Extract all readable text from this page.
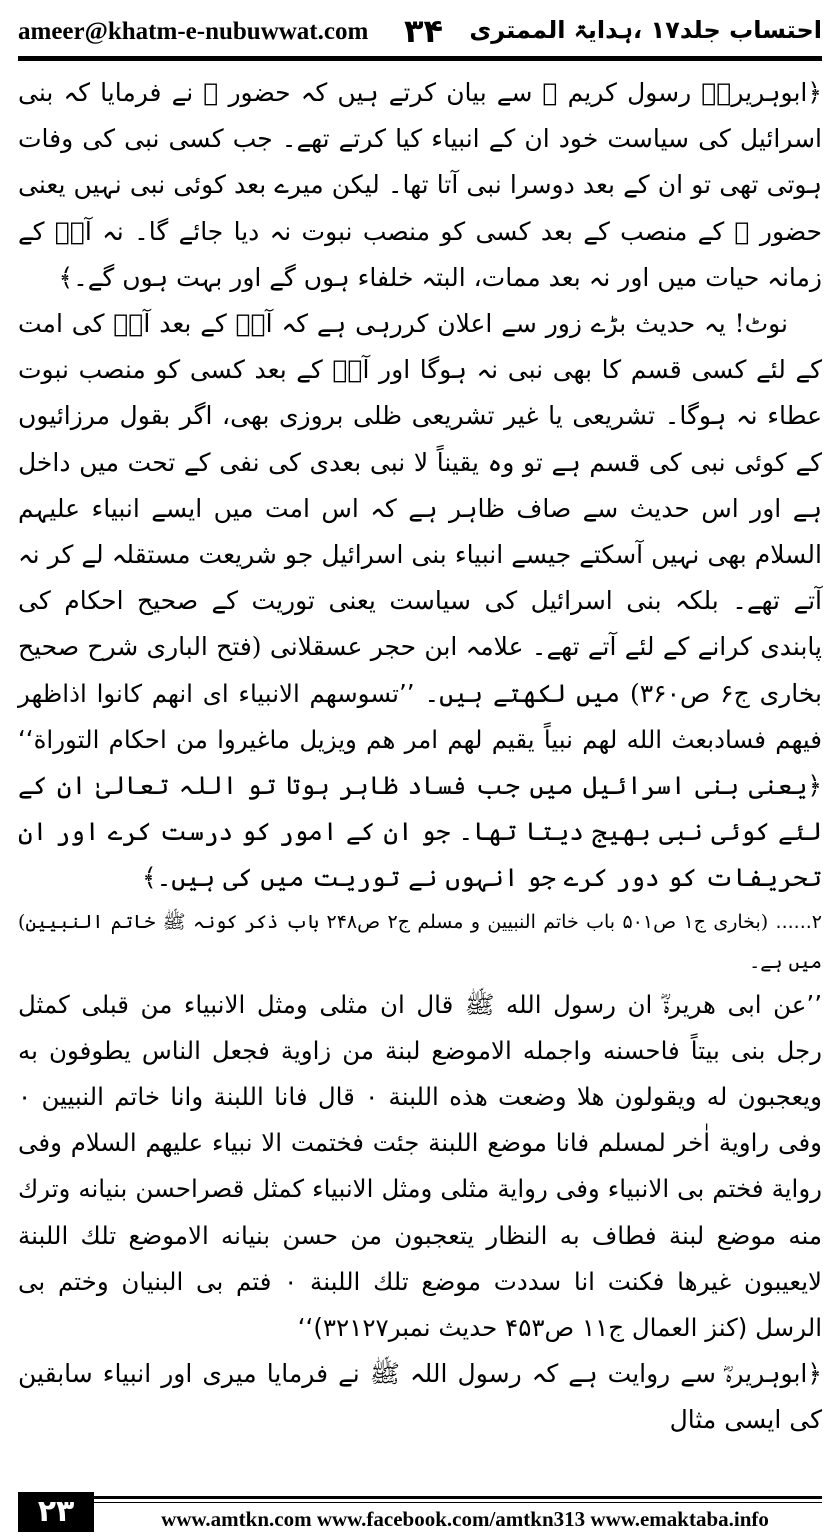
ameer@khatm-e-nubuwwat.com ۳۴ احتساب جلد۱۷ ،ہدایۃ الممتری

﴿ابوہریرہؓ رسول کریم ﷺ سے بیان کرتے ہیں کہ حضور ﷺ نے فرمایا کہ بنی اسرائیل کی سیاست خود ان کے انبیاء کیا کرتے تھے۔ جب کسی نبی کی وفات ہوتی تھی تو ان کے بعد دوسرا نبی آتا تھا۔ لیکن میرے بعد کوئی نبی نہیں یعنی حضور ﷺ کے منصب کے بعد کسی کو منصب نبوت نہ دیا جائے گا۔ نہ آپؐ کے زمانہ حیات میں اور نہ بعد ممات، البتہ خلفاء ہوں گے اور بہت ہوں گے۔﴾

نوٹ! یہ حدیث بڑے زور سے اعلان کررہی ہے کہ آپؐ کے بعد آپؐ کی امت کے لئے کسی قسم کا بھی نبی نہ ہوگا اور آپؐ کے بعد کسی کو منصب نبوت عطاء نہ ہوگا۔ تشریعی یا غیر تشریعی ظلی بروزی بھی، اگر بقول مرزائیوں کے کوئی نبی کی قسم ہے تو وہ یقیناً لا نبی بعدی کی نفی کے تحت میں داخل ہے اور اس حدیث سے صاف ظاہر ہے کہ اس امت میں ایسے انبیاء علیہم السلام بھی نہیں آسکتے جیسے انبیاء بنی اسرائیل جو شریعت مستقلہ لے کر نہ آتے تھے۔ بلکہ بنی اسرائیل کی سیاست یعنی توریت کے صحیح احکام کی پابندی کرانے کے لئے آتے تھے۔ علامہ ابن حجر عسقلانی (فتح الباری شرح صحیح بخاری ج۶ ص۳۶۰) میں لکھتے ہیں۔ ’’تسوسهم الانبياء اى انهم كانوا اذاظهر فيهم فسادبعث الله لهم نبياً يقيم لهم امر هم ويزيل ماغيروا من احكام التوراة‘‘ ﴿یعنی بنی اسرائیل میں جب فساد ظاہر ہوتا تو اللہ تعالیٰ ان کے لئے کوئی نبی بھیج دیتا تھا۔ جو ان کے امور کو درست کرے اور ان تحریفات کو دور کرے جو انہوں نے توریت میں کی ہیں۔﴾

۲...... (بخاری ج۱ ص۵۰۱ باب خاتم النبیین و مسلم ج۲ ص۲۴۸ باب ذکر کونہ ﷺ خاتم النبیین) میں ہے۔

’’عن ابى هريرةؓ ان رسول الله ﷺ قال ان مثلى ومثل الانبياء من قبلى كمثل رجل بنى بيتاً فاحسنه واجمله الاموضع لبنة من زاوية فجعل الناس يطوفون به ويعجبون له ويقولون هلا وضعت هذه اللبنة ۰ قال فانا اللبنة وانا خاتم النبيين ۰ وفى راوية اٰخر لمسلم فانا موضع اللبنة جئت فختمت الا نبياء عليهم السلام وفى رواية فختم بى الانبياء وفى رواية مثلى ومثل الانبياء كمثل قصراحسن بنيانه وترك منه موضع لبنة فطاف به النظار يتعجبون من حسن بنيانه الاموضع تلك اللبنة لايعيبون غيرها فكنت انا سددت موضع تلك اللبنة ۰ فتم بى البنيان وختم بى الرسل (كنز العمال ج۱۱ ص۴۵۳ حديث نمبر۳۲۱۲۷)‘‘

﴿ابوہریرہؓ سے روایت ہے کہ رسول اللہ ﷺ نے فرمایا میری اور انبیاء سابقین کی ایسی مثال

۲۳	www.amtkn.com www.facebook.com/amtkn313 www.emaktaba.info
